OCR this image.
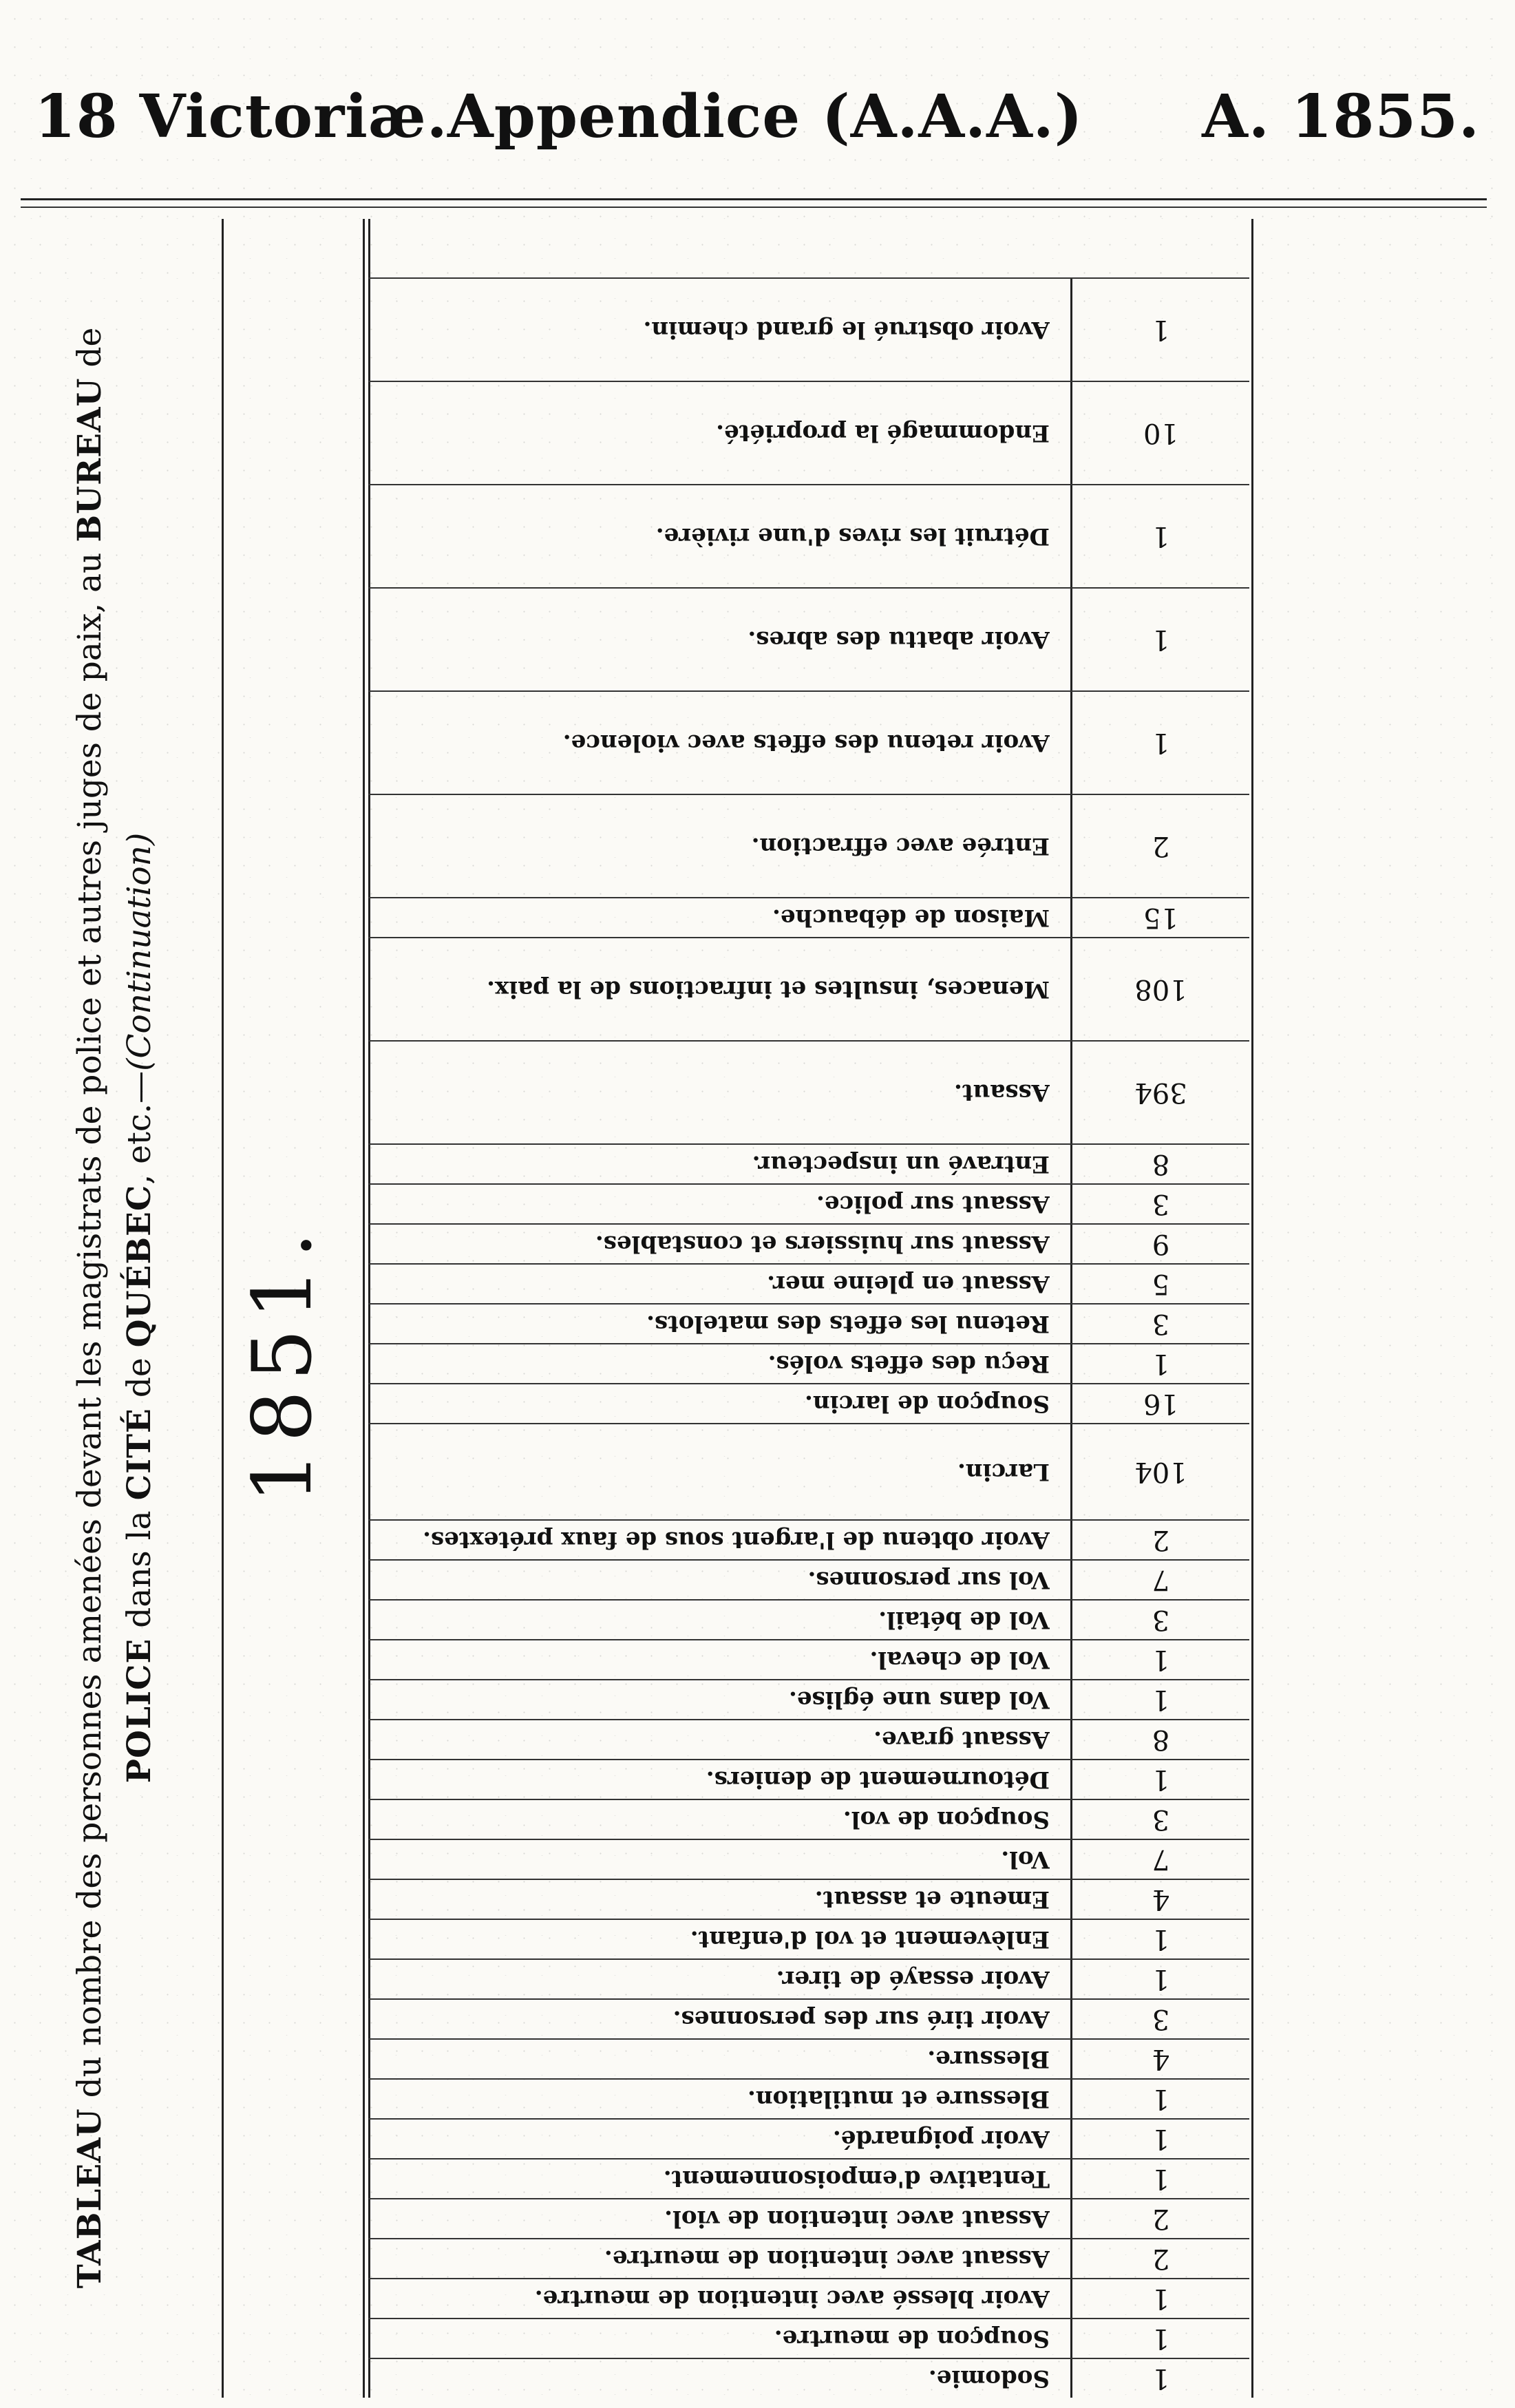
18 Victoriæ. Appendice (A.A.A.) A. 1855.
TABLEAU du nombre des personnes amenées devant les magistrats de police et autres juges de paix, au BUREAU de
POLICE dans la CITÉ de QUÉBEC, etc.—(Continuation)
1851.
1
Sodomie.
1
Soupçon de meurtre.
1
Avoir blessé avec intention de meurtre.
2
Assaut avec intention de meurtre.
2
Assaut avec intention de viol.
1
Tentative d'empoisonnement.
1
Avoir poignardé.
1
Blessure et mutilation.
4
Blessure.
3
Avoir tiré sur des personnes.
1
Avoir essayé de tirer.
1
Enlèvement et vol d'enfant.
4
Emeute et assaut.
7
Vol.
3
Soupçon de vol.
1
Détournement de deniers.
8
Assaut grave.
1
Vol dans une église.
1
Vol de cheval.
3
Vol de bétail.
7
Vol sur personnes.
2
Avoir obtenu de l'argent sous de faux prétextes.
104
Larcin.
16
Soupçon de larcin.
1
Reçu des effets volés.
3
Retenu les effets des matelots.
5
Assaut en pleine mer.
9
Assaut sur huissiers et constables.
3
Assaut sur police.
8
Entravé un inspecteur.
394
Assaut.
108
Menaces, insultes et infractions de la paix.
15
Maison de débauche.
2
Entrée avec effraction.
1
Avoir retenu des effets avec violence.
1
Avoir abattu des abres.
1
Détruit les rives d'une rivière.
10
Endommagé la propriété.
1
Avoir obstrué le grand chemin.
